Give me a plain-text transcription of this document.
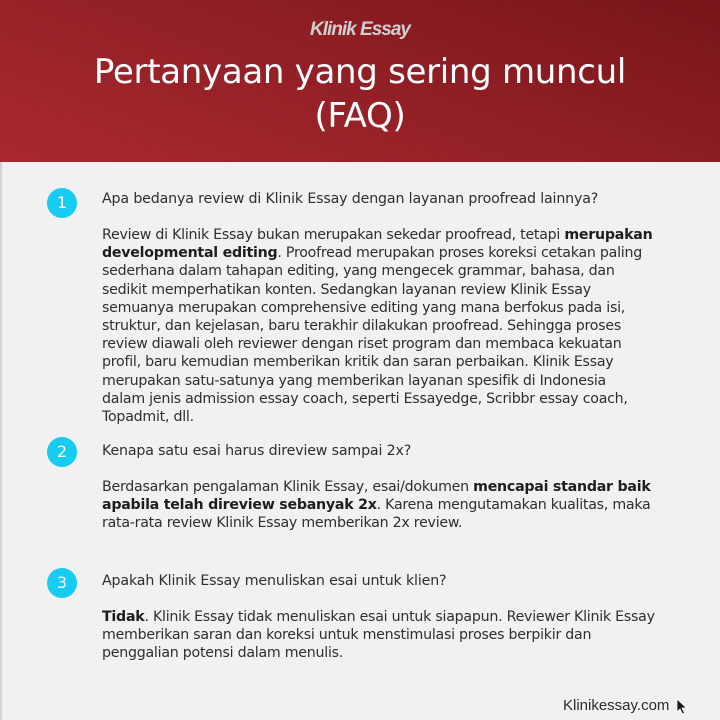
Klinik Essay
Pertanyaan yang sering muncul
(FAQ)
1	Apa bedanya review di Klinik Essay dengan layanan proofread lainnya?
Review di Klinik Essay bukan merupakan sekedar proofread, tetapi merupakan
developmental editing. Proofread merupakan proses koreksi cetakan paling
sederhana dalam tahapan editing, yang mengecek grammar, bahasa, dan
sedikit memperhatikan konten. Sedangkan layanan review Klinik Essay
semuanya merupakan comprehensive editing yang mana berfokus pada isi,
struktur, dan kejelasan, baru terakhir dilakukan proofread. Sehingga proses
review diawali oleh reviewer dengan riset program dan membaca kekuatan
profil, baru kemudian memberikan kritik dan saran perbaikan. Klinik Essay
merupakan satu-satunya yang memberikan layanan spesifik di Indonesia
dalam jenis admission essay coach, seperti Essayedge, Scribbr essay coach,
Topadmit, dll.
2	Kenapa satu esai harus direview sampai 2x?
Berdasarkan pengalaman Klinik Essay, esai/dokumen mencapai standar baik
apabila telah direview sebanyak 2x. Karena mengutamakan kualitas, maka
rata-rata review Klinik Essay memberikan 2x review.
3	Apakah Klinik Essay menuliskan esai untuk klien?
Tidak. Klinik Essay tidak menuliskan esai untuk siapapun. Reviewer Klinik Essay
memberikan saran dan koreksi untuk menstimulasi proses berpikir dan
penggalian potensi dalam menulis.
Klinikessay.com
